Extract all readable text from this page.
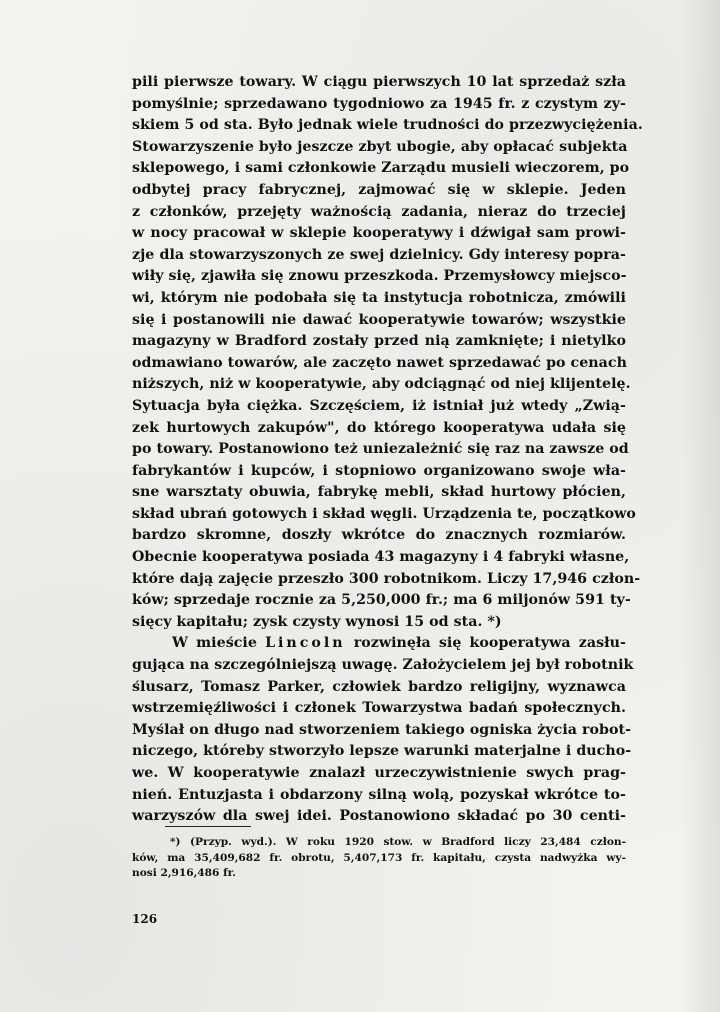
pili pierwsze towary. W ciągu pierwszych 10 lat sprzedaż szła
pomyślnie; sprzedawano tygodniowo za 1945 fr. z czystym zy-
skiem 5 od sta. Było jednak wiele trudności do przezwyciężenia.
Stowarzyszenie było jeszcze zbyt ubogie, aby opłacać subjekta
sklepowego, i sami członkowie Zarządu musieli wieczorem, po
odbytej pracy fabrycznej, zajmować się w sklepie. Jeden
z członków, przejęty ważnością zadania, nieraz do trzeciej
w nocy pracował w sklepie kooperatywy i dźwigał sam prowi-
zje dla stowarzyszonych ze swej dzielnicy. Gdy interesy popra-
wiły się, zjawiła się znowu przeszkoda. Przemysłowcy miejsco-
wi, którym nie podobała się ta instytucja robotnicza, zmówili
się i postanowili nie dawać kooperatywie towarów; wszystkie
magazyny w Bradford zostały przed nią zamknięte; i nietylko
odmawiano towarów, ale zaczęto nawet sprzedawać po cenach
niższych, niż w kooperatywie, aby odciągnąć od niej klijentelę.
Sytuacja była ciężka. Szczęściem, iż istniał już wtedy „Zwią-
zek hurtowych zakupów", do którego kooperatywa udała się
po towary. Postanowiono też uniezależnić się raz na zawsze od
fabrykantów i kupców, i stopniowo organizowano swoje wła-
sne warsztaty obuwia, fabrykę mebli, skład hurtowy płócien,
skład ubrań gotowych i skład węgli. Urządzenia te, początkowo
bardzo skromne, doszły wkrótce do znacznych rozmiarów.
Obecnie kooperatywa posiada 43 magazyny i 4 fabryki własne,
które dają zajęcie przeszło 300 robotnikom. Liczy 17,946 człon-
ków; sprzedaje rocznie za 5,250,000 fr.; ma 6 miljonów 591 ty-
sięcy kapitału; zysk czysty wynosi 15 od sta. *)

W mieście Lincoln rozwinęła się kooperatywa zasłu-
gująca na szczególniejszą uwagę. Założycielem jej był robotnik
ślusarz, Tomasz Parker, człowiek bardzo religijny, wyznawca
wstrzemięźliwości i członek Towarzystwa badań społecznych.
Myślał on długo nad stworzeniem takiego ogniska życia robot-
niczego, któreby stworzyło lepsze warunki materjalne i ducho-
we. W kooperatywie znalazł urzeczywistnienie swych prag-
nień. Entuzjasta i obdarzony silną wolą, pozyskał wkrótce to-
warzyszów dla swej idei. Postanowiono składać po 30 centi-

*) (Przyp. wyd.). W roku 1920 stow. w Bradford liczy 23,484 człon-
ków, ma 35,409,682 fr. obrotu, 5,407,173 fr. kapitału, czysta nadwyżka wy-
nosi 2,916,486 fr.
126
